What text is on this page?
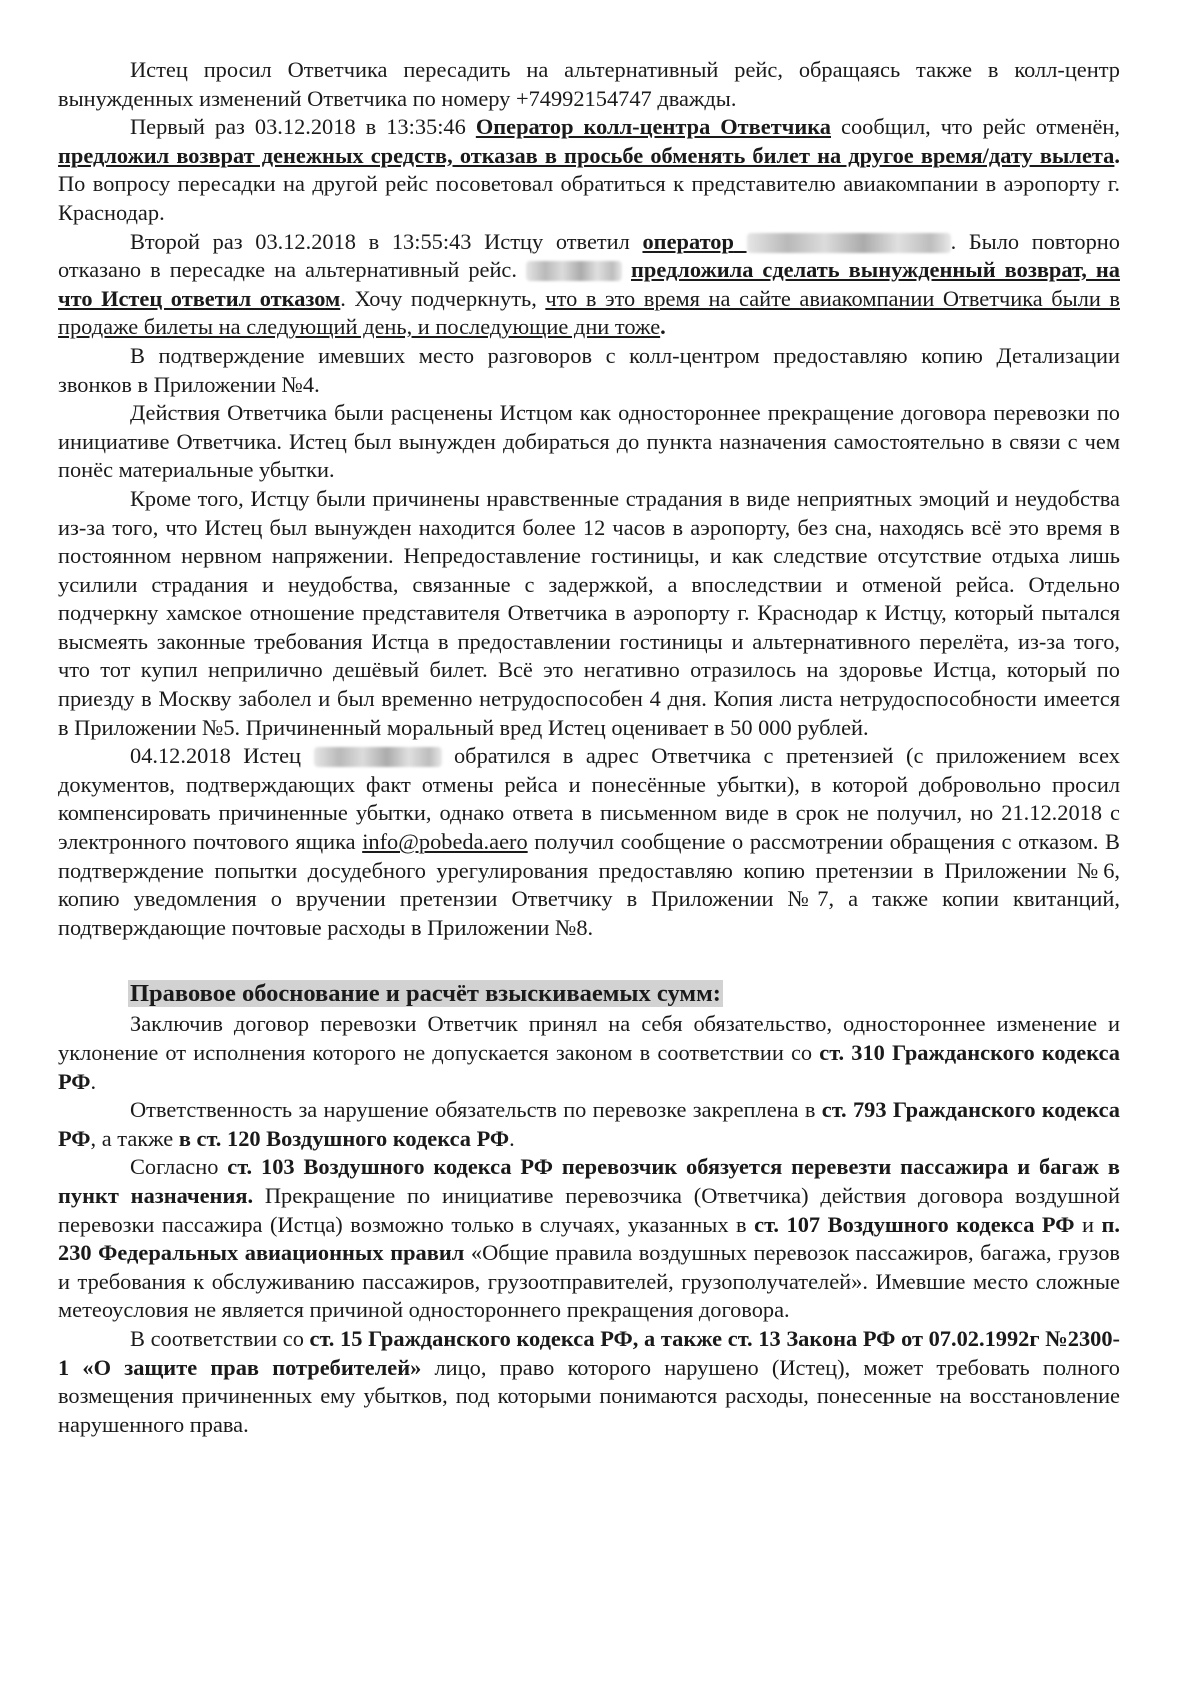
Истец просил Ответчика пересадить на альтернативный рейс, обращаясь также в колл-центр вынужденных изменений Ответчика по номеру +74992154747 дважды.

Первый раз 03.12.2018 в 13:35:46 Оператор колл-центра Ответчика сообщил, что рейс отменён, предложил возврат денежных средств, отказав в просьбе обменять билет на другое время/дату вылета. По вопросу пересадки на другой рейс посоветовал обратиться к представителю авиакомпании в аэропорту г. Краснодар.

Второй раз 03.12.2018 в 13:55:43 Истцу ответил оператор	. Было повторно отказано в пересадке на альтернативный рейс.	предложила сделать вынужденный возврат, на что Истец ответил отказом. Хочу подчеркнуть, что в это время на сайте авиакомпании Ответчика были в продаже билеты на следующий день, и последующие дни тоже.

В подтверждение имевших место разговоров с колл-центром предоставляю копию Детализации звонков в Приложении №4.

Действия Ответчика были расценены Истцом как одностороннее прекращение договора перевозки по инициативе Ответчика. Истец был вынужден добираться до пункта назначения самостоятельно в связи с чем понёс материальные убытки.

Кроме того, Истцу были причинены нравственные страдания в виде неприятных эмоций и неудобства из-за того, что Истец был вынужден находится более 12 часов в аэропорту, без сна, находясь всё это время в постоянном нервном напряжении. Непредоставление гостиницы, и как следствие отсутствие отдыха лишь усилили страдания и неудобства, связанные с задержкой, а впоследствии и отменой рейса. Отдельно подчеркну хамское отношение представителя Ответчика в аэропорту г. Краснодар к Истцу, который пытался высмеять законные требования Истца в предоставлении гостиницы и альтернативного перелёта, из-за того, что тот купил неприлично дешёвый билет. Всё это негативно отразилось на здоровье Истца, который по приезду в Москву заболел и был временно нетрудоспособен 4 дня. Копия листа нетрудоспособности имеется в Приложении №5. Причиненный моральный вред Истец оценивает в 50 000 рублей.

04.12.2018 Истец	обратился в адрес Ответчика с претензией (с приложением всех документов, подтверждающих факт отмены рейса и понесённые убытки), в которой добровольно просил компенсировать причиненные убытки, однако ответа в письменном виде в срок не получил, но 21.12.2018 с электронного почтового ящика info@pobeda.aero получил сообщение о рассмотрении обращения с отказом. В подтверждение попытки досудебного урегулирования предоставляю копию претензии в Приложении №6, копию уведомления о вручении претензии Ответчику в Приложении №7, а также копии квитанций, подтверждающие почтовые расходы в Приложении №8.

Правовое обоснование и расчёт взыскиваемых сумм:

Заключив договор перевозки Ответчик принял на себя обязательство, одностороннее изменение и уклонение от исполнения которого не допускается законом в соответствии со ст. 310 Гражданского кодекса РФ.

Ответственность за нарушение обязательств по перевозке закреплена в ст. 793 Гражданского кодекса РФ, а также в ст. 120 Воздушного кодекса РФ.

Согласно ст. 103 Воздушного кодекса РФ перевозчик обязуется перевезти пассажира и багаж в пункт назначения. Прекращение по инициативе перевозчика (Ответчика) действия договора воздушной перевозки пассажира (Истца) возможно только в случаях, указанных в ст. 107 Воздушного кодекса РФ и п. 230 Федеральных авиационных правил «Общие правила воздушных перевозок пассажиров, багажа, грузов и требования к обслуживанию пассажиров, грузоотправителей, грузополучателей». Имевшие место сложные метеоусловия не является причиной одностороннего прекращения договора.

В соответствии со ст. 15 Гражданского кодекса РФ, а также ст. 13 Закона РФ от 07.02.1992г №2300-1 «О защите прав потребителей» лицо, право которого нарушено (Истец), может требовать полного возмещения причиненных ему убытков, под которыми понимаются расходы, понесенные на восстановление нарушенного права.
